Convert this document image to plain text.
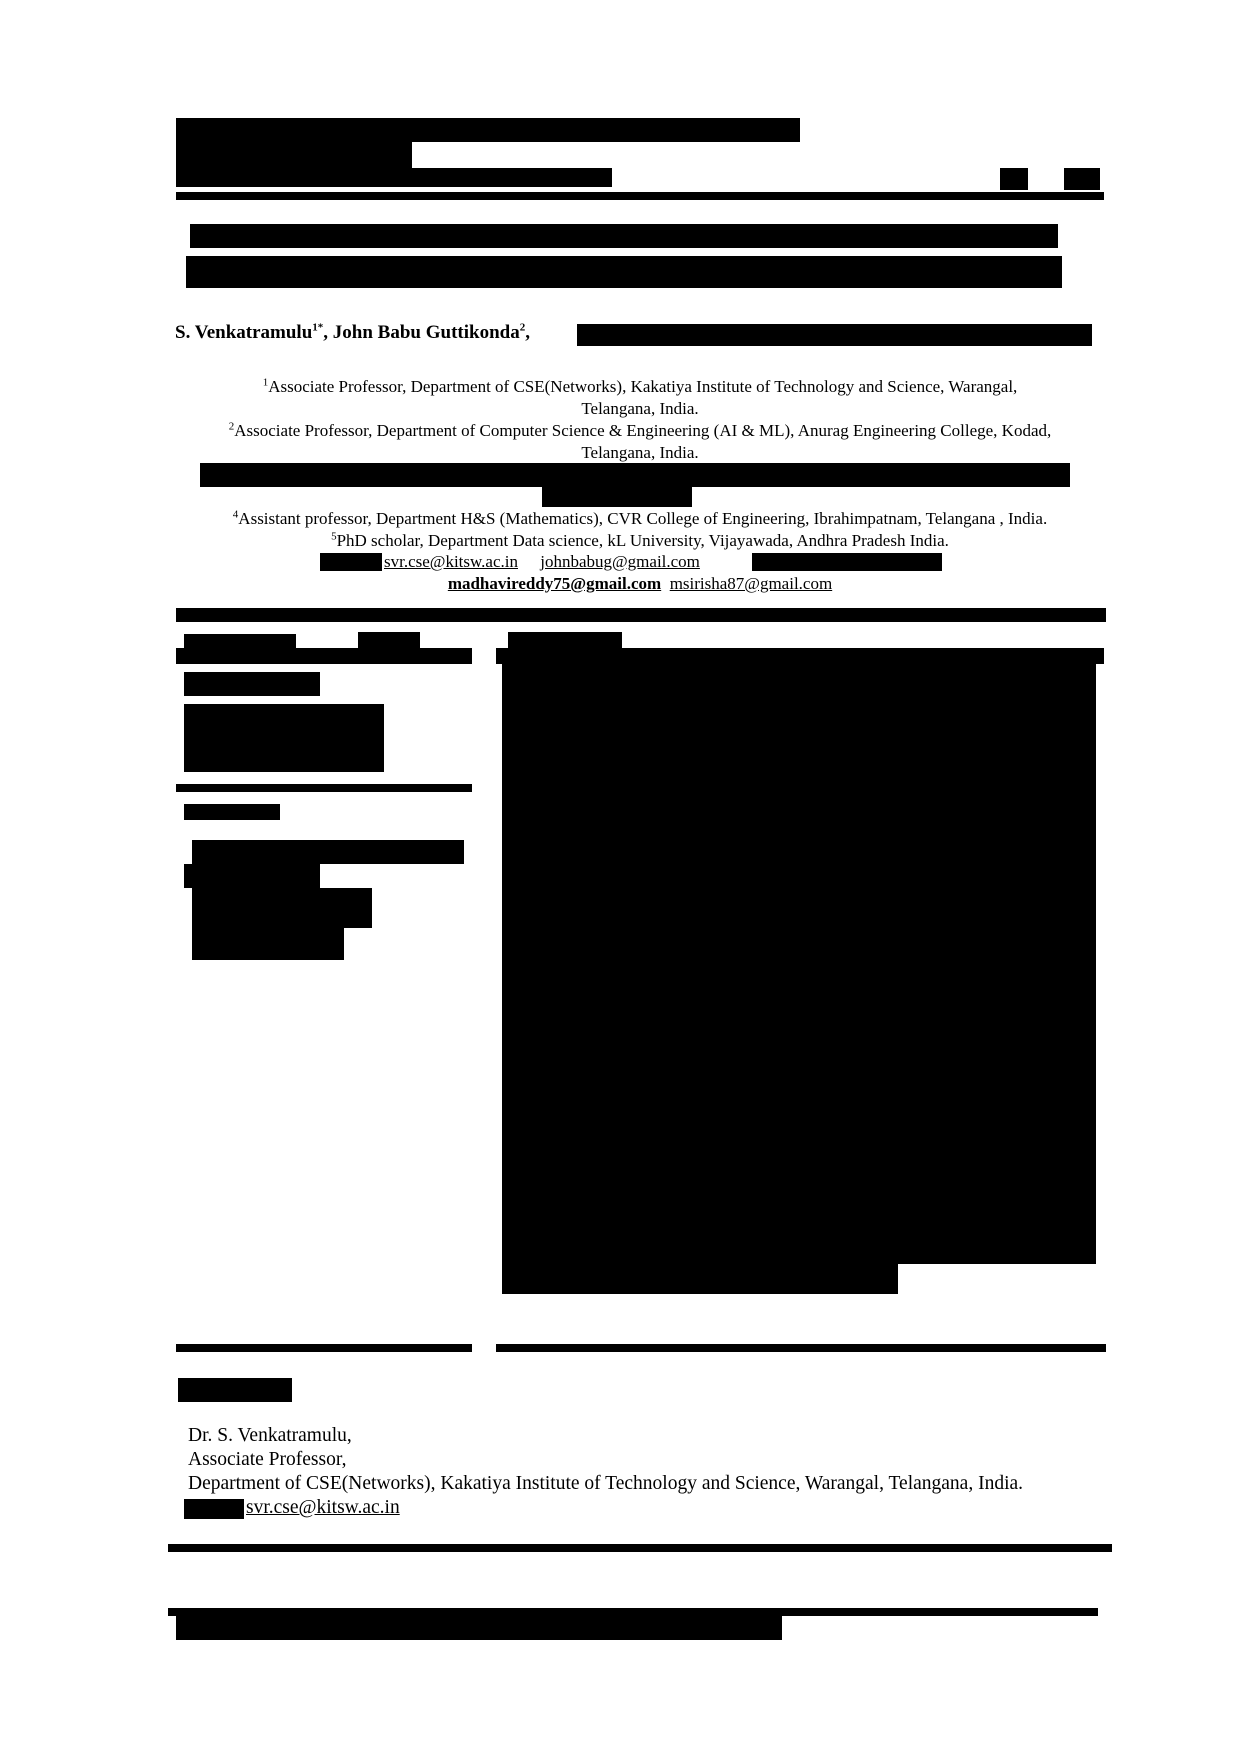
S. Venkatramulu$^{1*}$, John Babu Guttikonda$^2$,
$^1$Associate Professor, Department of CSE(Networks), Kakatiya Institute of Technology and Science, Warangal,
Telangana, India.
$^2$Associate Professor, Department of Computer Science & Engineering (AI & ML), Anurag Engineering College, Kodad,
Telangana, India.
$^4$Assistant professor, Department H&S (Mathematics), CVR College of Engineering, Ibrahimpatnam, Telangana , India.
$^5$PhD scholar, Department Data science, kL University, Vijayawada, Andhra Pradesh India.
svr.cse@kitsw.ac.in johnbabug@gmail.com
madhavireddy75@gmail.com msirisha87@gmail.com
Dr. S. Venkatramulu,
Associate Professor,
Department of CSE(Networks), Kakatiya Institute of Technology and Science, Warangal, Telangana, India.
svr.cse@kitsw.ac.in
